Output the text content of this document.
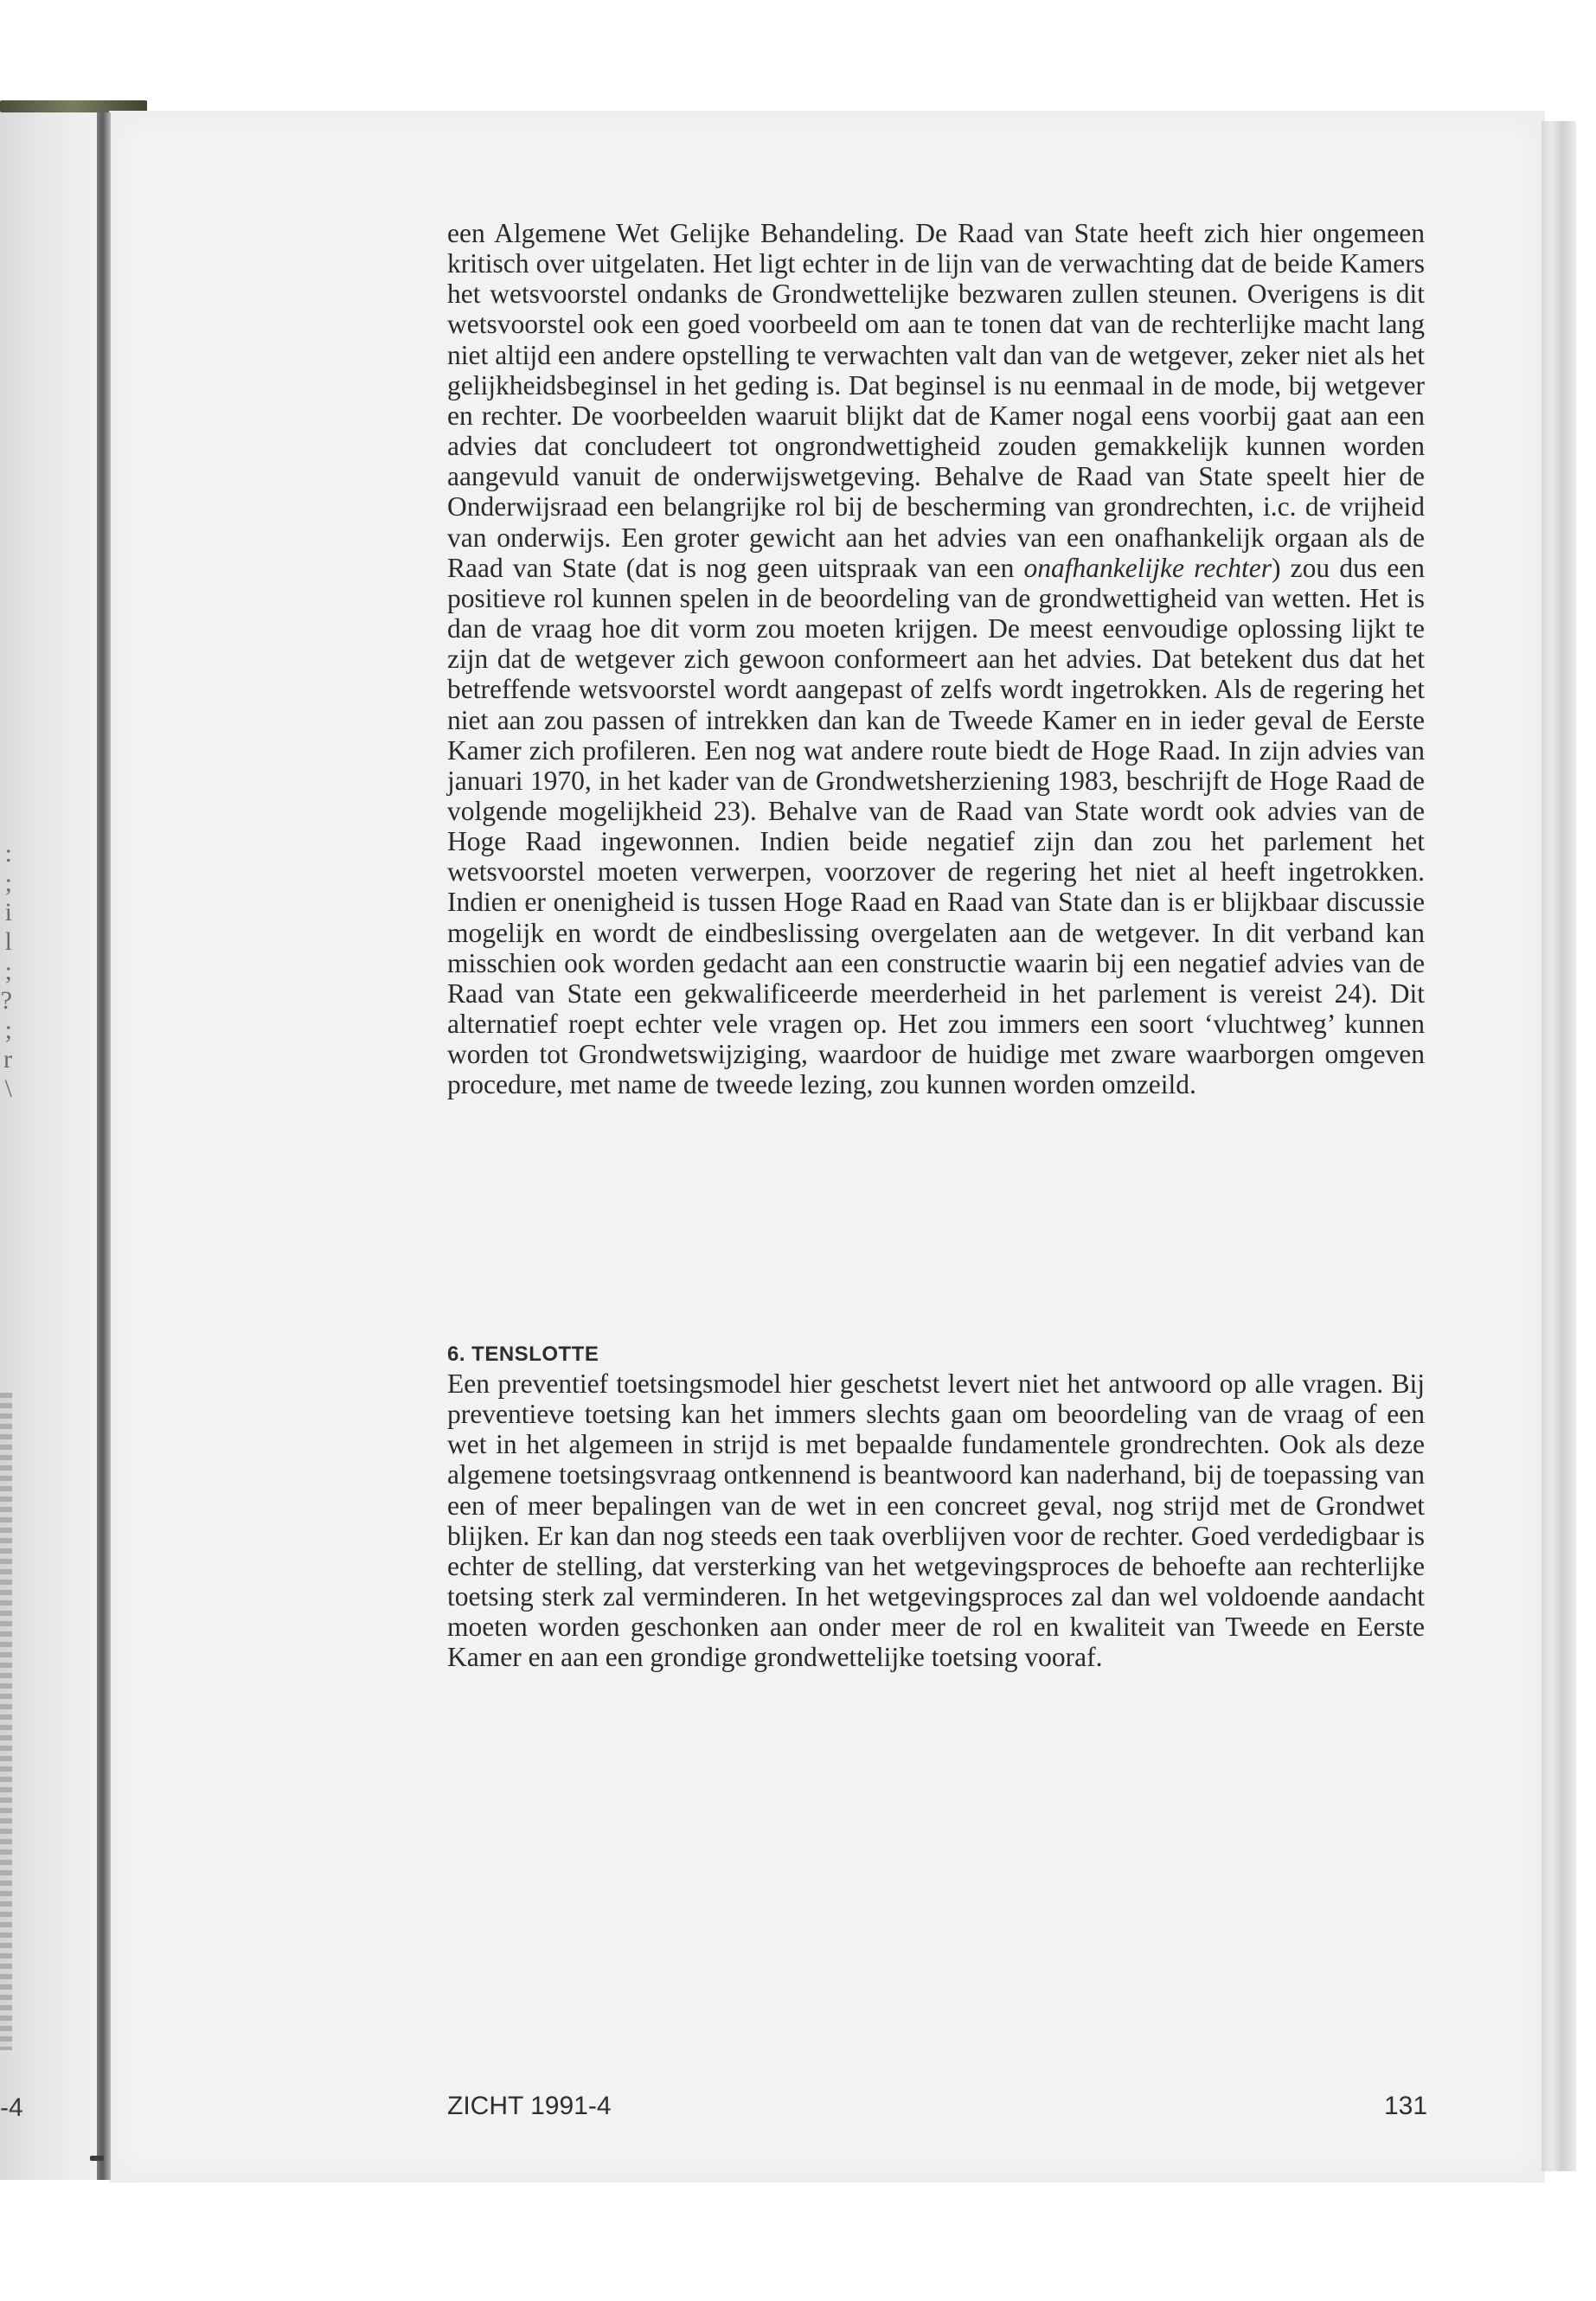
:
;
i
l
;
?
;
r
\
-4

een Algemene Wet Gelijke Behandeling. De Raad van State heeft zich hier ongemeen kritisch over uitgelaten. Het ligt echter in de lijn van de verwachting dat de beide Kamers het wetsvoorstel ondanks de Grondwettelijke bezwaren zullen steunen. Overigens is dit wetsvoorstel ook een goed voorbeeld om aan te tonen dat van de rechterlijke macht lang niet altijd een andere opstelling te verwachten valt dan van de wetgever, zeker niet als het gelijkheidsbeginsel in het geding is. Dat beginsel is nu eenmaal in de mode, bij wetgever en rechter. De voorbeelden waaruit blijkt dat de Kamer nogal eens voorbij gaat aan een advies dat concludeert tot ongrondwettigheid zouden gemakkelijk kunnen worden aangevuld vanuit de onderwijswetgeving. Behalve de Raad van State speelt hier de Onderwijsraad een belangrijke rol bij de bescherming van grondrechten, i.c. de vrijheid van onderwijs. Een groter gewicht aan het advies van een onafhankelijk orgaan als de Raad van State (dat is nog geen uitspraak van een onafhankelijke rechter) zou dus een positieve rol kunnen spelen in de beoordeling van de grondwettigheid van wetten. Het is dan de vraag hoe dit vorm zou moeten krijgen. De meest eenvoudige oplossing lijkt te zijn dat de wetgever zich gewoon conformeert aan het advies. Dat betekent dus dat het betreffende wetsvoorstel wordt aangepast of zelfs wordt ingetrokken. Als de regering het niet aan zou passen of intrekken dan kan de Tweede Kamer en in ieder geval de Eerste Kamer zich profileren. Een nog wat andere route biedt de Hoge Raad. In zijn advies van januari 1970, in het kader van de Grondwetsherziening 1983, beschrijft de Hoge Raad de volgende mogelijkheid 23). Behalve van de Raad van State wordt ook advies van de Hoge Raad ingewonnen. Indien beide negatief zijn dan zou het parlement het wetsvoorstel moeten verwerpen, voorzover de regering het niet al heeft ingetrokken. Indien er onenigheid is tussen Hoge Raad en Raad van State dan is er blijkbaar discussie mogelijk en wordt de eindbeslissing overgelaten aan de wetgever. In dit verband kan misschien ook worden gedacht aan een constructie waarin bij een negatief advies van de Raad van State een gekwalificeerde meerderheid in het parlement is vereist 24). Dit alternatief roept echter vele vragen op. Het zou immers een soort ‘vluchtweg’ kunnen worden tot Grondwetswijziging, waardoor de huidige met zware waarborgen omgeven procedure, met name de tweede lezing, zou kunnen worden omzeild.

6. TENSLOTTE

Een preventief toetsingsmodel hier geschetst levert niet het antwoord op alle vragen. Bij preventieve toetsing kan het immers slechts gaan om beoordeling van de vraag of een wet in het algemeen in strijd is met bepaalde fundamentele grondrechten. Ook als deze algemene toetsingsvraag ontkennend is beantwoord kan naderhand, bij de toepassing van een of meer bepalingen van de wet in een concreet geval, nog strijd met de Grondwet blijken. Er kan dan nog steeds een taak overblijven voor de rechter. Goed verdedigbaar is echter de stelling, dat versterking van het wetgevingsproces de behoefte aan rechterlijke toetsing sterk zal verminderen. In het wetgevingsproces zal dan wel voldoende aandacht moeten worden geschonken aan onder meer de rol en kwaliteit van Tweede en Eerste Kamer en aan een grondige grondwettelijke toetsing vooraf.

ZICHT 1991-4	131
